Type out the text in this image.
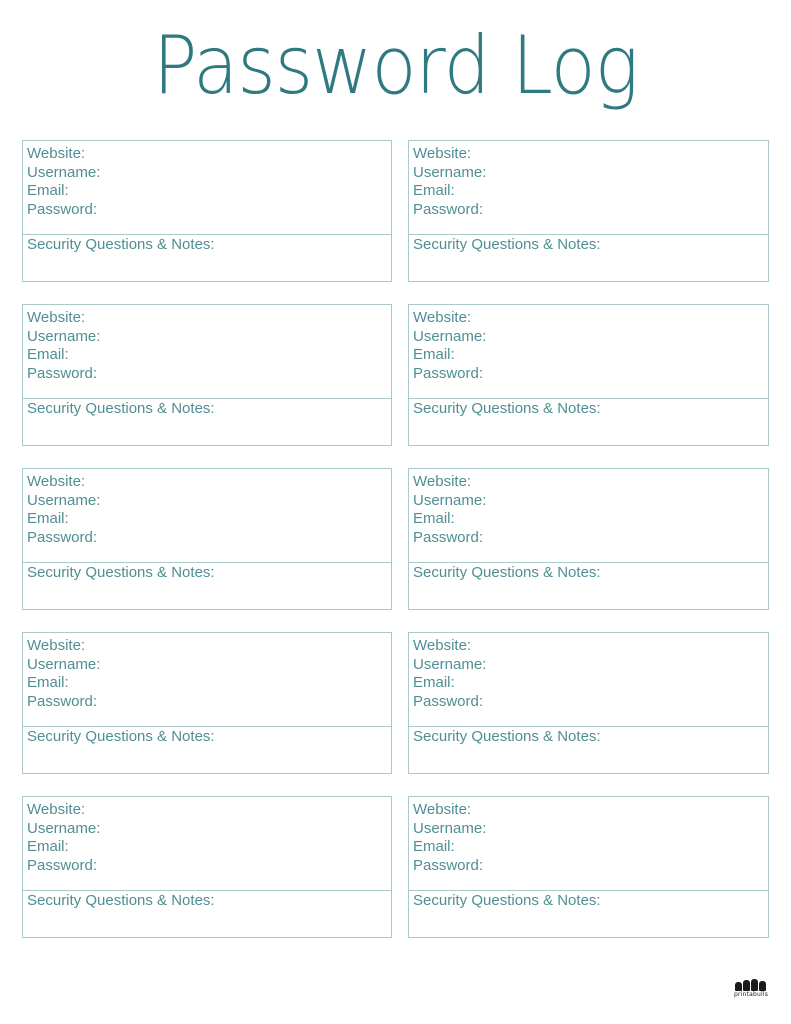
Password Log
Website:
Username:
Email:
Password:
Security Questions & Notes:
Website:
Username:
Email:
Password:
Security Questions & Notes:
Website:
Username:
Email:
Password:
Security Questions & Notes:
Website:
Username:
Email:
Password:
Security Questions & Notes:
Website:
Username:
Email:
Password:
Security Questions & Notes:
Website:
Username:
Email:
Password:
Security Questions & Notes:
Website:
Username:
Email:
Password:
Security Questions & Notes:
Website:
Username:
Email:
Password:
Security Questions & Notes:
Website:
Username:
Email:
Password:
Security Questions & Notes:
Website:
Username:
Email:
Password:
Security Questions & Notes:
printabulls
